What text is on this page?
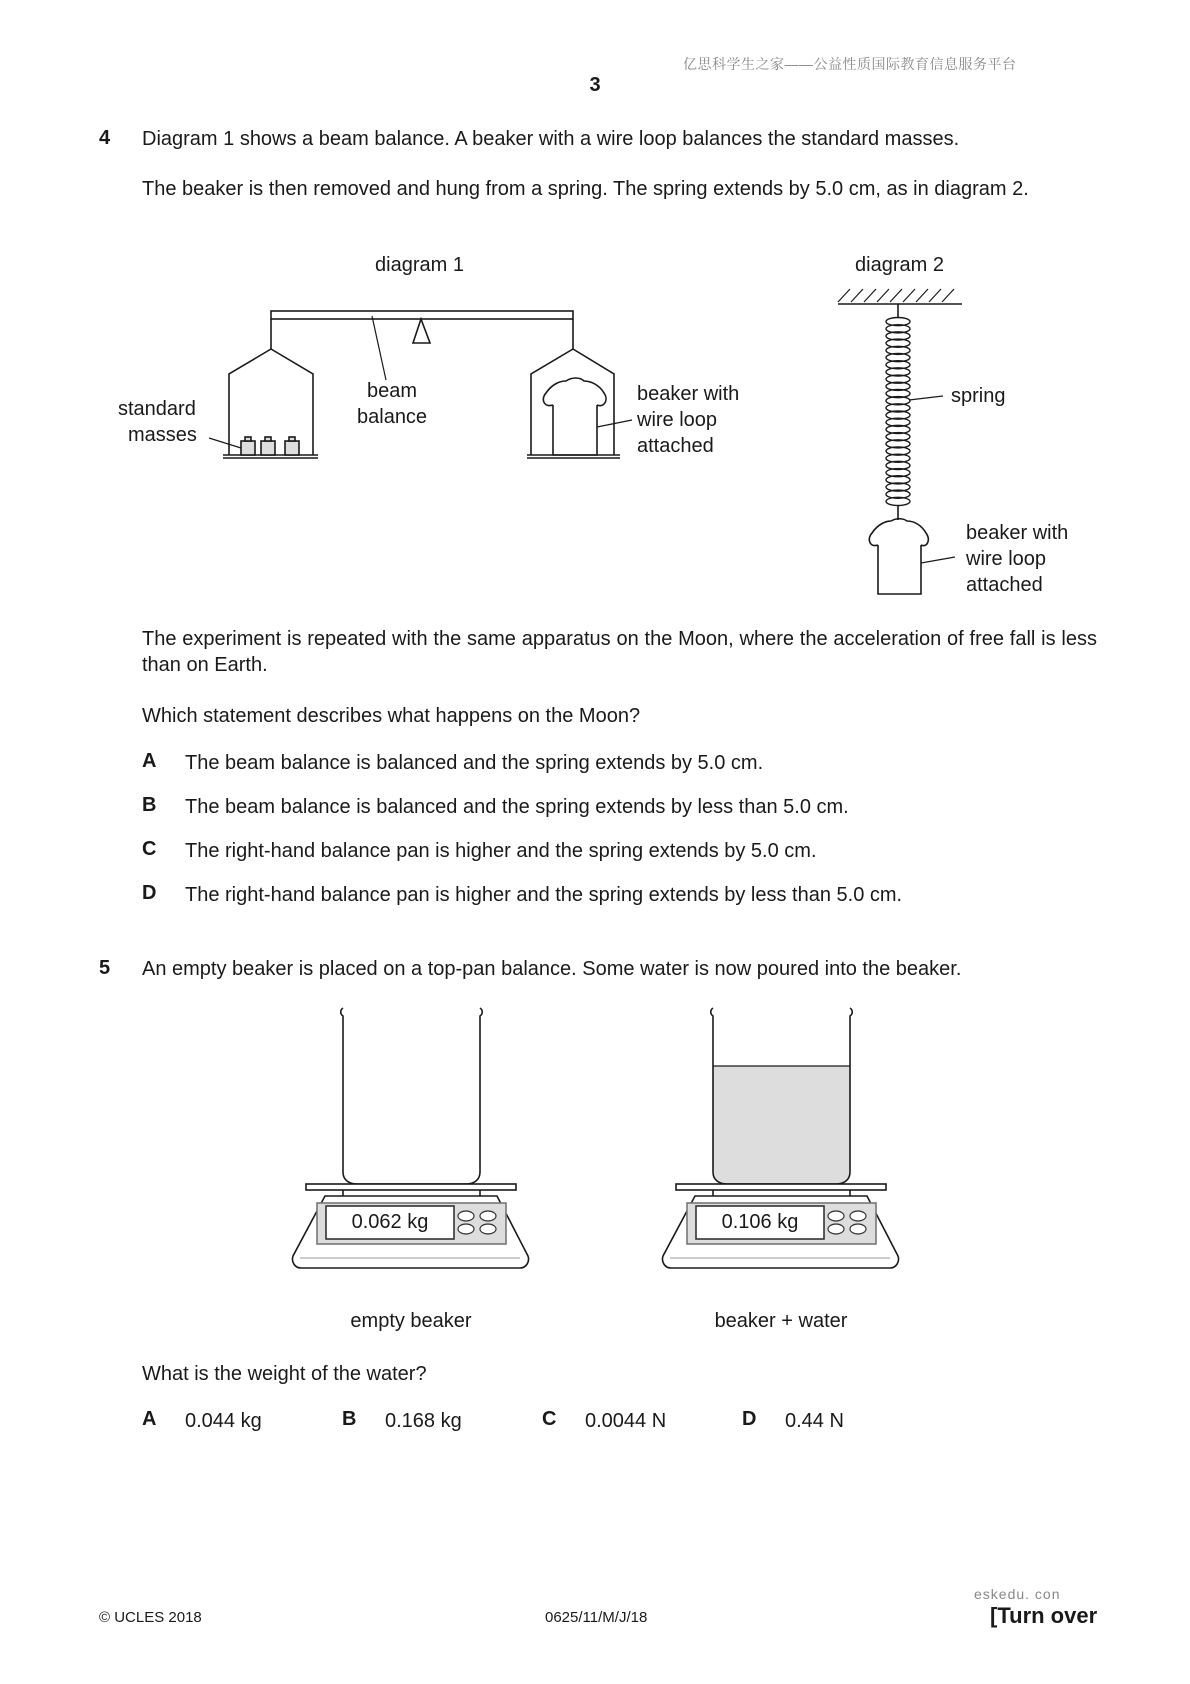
亿思科学生之家——公益性质国际教育信息服务平台
3
4 Diagram 1 shows a beam balance. A beaker with a wire loop balances the standard masses.
The beaker is then removed and hung from a spring. The spring extends by 5.0 cm, as in diagram 2.
diagram 1
standard
masses
beam
balance
beaker with
wire loop
attached
diagram 2
spring
beaker with
wire loop
attached
The experiment is repeated with the same apparatus on the Moon, where the acceleration of free fall is less than on Earth.
Which statement describes what happens on the Moon?
A The beam balance is balanced and the spring extends by 5.0 cm.
B The beam balance is balanced and the spring extends by less than 5.0 cm.
C The right-hand balance pan is higher and the spring extends by 5.0 cm.
D The right-hand balance pan is higher and the spring extends by less than 5.0 cm.
5 An empty beaker is placed on a top-pan balance. Some water is now poured into the beaker.
0.062 kg	0.106 kg
empty beaker	beaker + water
What is the weight of the water?
A 0.044 kg	B 0.168 kg	C 0.0044 N	D 0.44 N
eskedu. con
© UCLES 2018	0625/11/M/J/18	[Turn over
